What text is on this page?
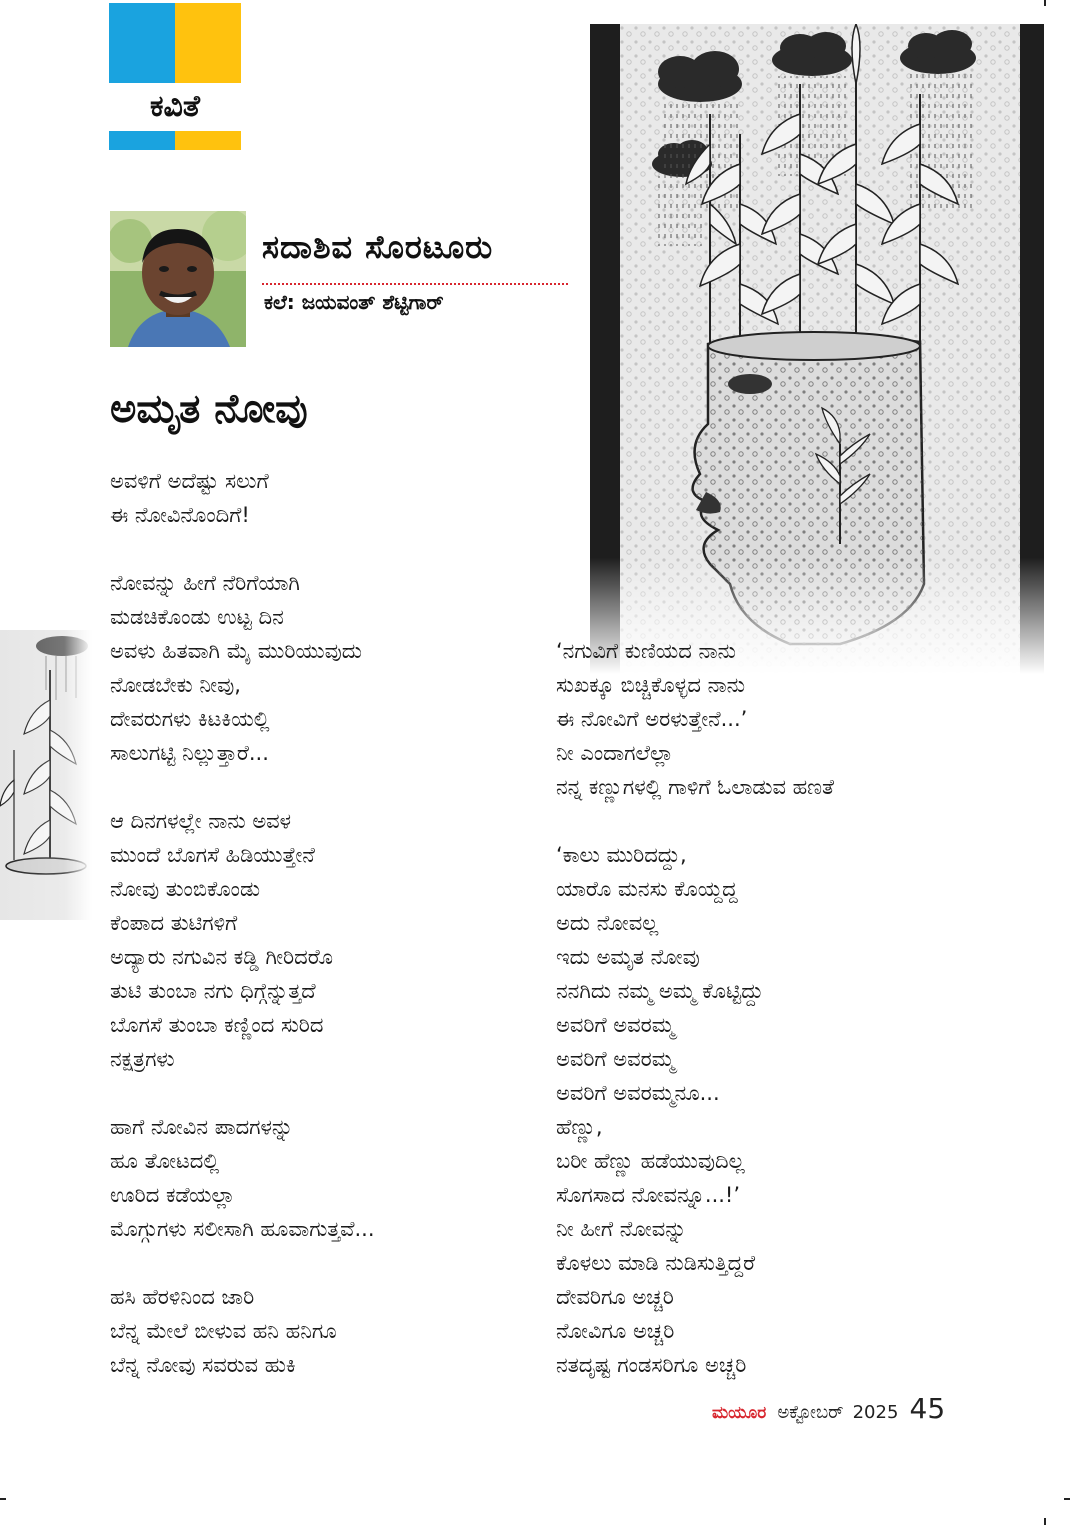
ಕವಿತೆ
ಸದಾಶಿವ ಸೊರಟೂರು
ಕಲೆ: ಜಯವಂತ್ ಶೆಟ್ಟಿಗಾರ್
ಅಮೃತ ನೋವು
ಅವಳಿಗೆ ಅದೆಷ್ಟು ಸಲುಗೆ
ಈ ನೋವಿನೊಂದಿಗೆ!
ನೋವನ್ನು ಹೀಗೆ ನೆರಿಗೆಯಾಗಿ
ಮಡಚಿಕೊಂಡು ಉಟ್ಟ ದಿನ
ಅವಳು ಹಿತವಾಗಿ ಮೈ ಮುರಿಯುವುದು
ನೋಡಬೇಕು ನೀವು,
ದೇವರುಗಳು ಕಿಟಕಿಯಲ್ಲಿ
ಸಾಲುಗಟ್ಟಿ ನಿಲ್ಲುತ್ತಾರೆ...
ಆ ದಿನಗಳಲ್ಲೇ ನಾನು ಅವಳ
ಮುಂದೆ ಬೊಗಸೆ ಹಿಡಿಯುತ್ತೇನೆ
ನೋವು ತುಂಬಿಕೊಂಡು
ಕೆಂಪಾದ ತುಟಿಗಳಿಗೆ
ಅದ್ಯಾರು ನಗುವಿನ ಕಡ್ಡಿ ಗೀರಿದರೊ
ತುಟಿ ತುಂಬಾ ನಗು ಧಿಗ್ಗೆನ್ನುತ್ತದೆ
ಬೊಗಸೆ ತುಂಬಾ ಕಣ್ಣಿಂದ ಸುರಿದ
ನಕ್ಷತ್ರಗಳು
ಹಾಗೆ ನೋವಿನ ಪಾದಗಳನ್ನು
ಹೂ ತೋಟದಲ್ಲಿ
ಊರಿದ ಕಡೆಯಲ್ಲಾ
ಮೊಗ್ಗುಗಳು ಸಲೀಸಾಗಿ ಹೂವಾಗುತ್ತವೆ...
ಹಸಿ ಹೆರಳಿನಿಂದ ಜಾರಿ
ಬೆನ್ನ ಮೇಲೆ ಬೀಳುವ ಹನಿ ಹನಿಗೂ
ಬೆನ್ನ ನೋವು ಸವರುವ ಹುಕಿ
‘ನಗುವಿಗೆ ಕುಣಿಯದ ನಾನು
ಸುಖಕ್ಕೂ ಬಿಚ್ಚಿಕೊಳ್ಳದ ನಾನು
ಈ ನೋವಿಗೆ ಅರಳುತ್ತೇನೆ...’
ನೀ ಎಂದಾಗಲೆಲ್ಲಾ
ನನ್ನ ಕಣ್ಣುಗಳಲ್ಲಿ ಗಾಳಿಗೆ ಓಲಾಡುವ ಹಣತೆ
‘ಕಾಲು ಮುರಿದದ್ದು,
ಯಾರೊ ಮನಸು ಕೊಯ್ದದ್ದ
ಅದು ನೋವಲ್ಲ
ಇದು ಅಮೃತ ನೋವು
ನನಗಿದು ನಮ್ಮ ಅಮ್ಮ ಕೊಟ್ಟಿದ್ದು
ಅವರಿಗೆ ಅವರಮ್ಮ
ಅವರಿಗೆ ಅವರಮ್ಮ
ಅವರಿಗೆ ಅವರಮ್ಮನೂ...
ಹೆಣ್ಣು,
ಬರೀ ಹೆಣ್ಣು ಹಡೆಯುವುದಿಲ್ಲ
ಸೊಗಸಾದ ನೋವನ್ನೂ...!’
ನೀ ಹೀಗೆ ನೋವನ್ನು
ಕೊಳಲು ಮಾಡಿ ನುಡಿಸುತ್ತಿದ್ದರೆ
ದೇವರಿಗೂ ಅಚ್ಚರಿ
ನೋವಿಗೂ ಅಚ್ಚರಿ
ನತದೃಷ್ಟ ಗಂಡಸರಿಗೂ ಅಚ್ಚರಿ
ಮಯೂರ ಅಕ್ಟೋಬರ್ 2025 45
